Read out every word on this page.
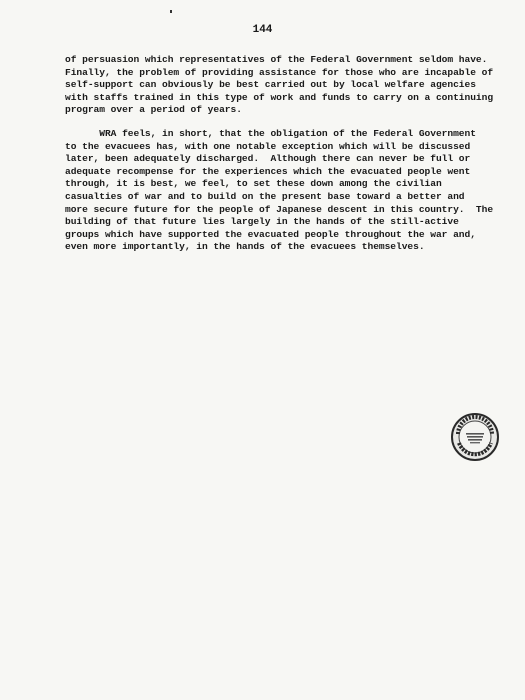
144
of persuasion which representatives of the Federal Government seldom have.
Finally, the problem of providing assistance for those who are incapable of
self-support can obviously be best carried out by local welfare agencies
with staffs trained in this type of work and funds to carry on a continuing
program over a period of years.
WRA feels, in short, that the obligation of the Federal Government
to the evacuees has, with one notable exception which will be discussed
later, been adequately discharged.  Although there can never be full or
adequate recompense for the experiences which the evacuated people went
through, it is best, we feel, to set these down among the civilian
casualties of war and to build on the present base toward a better and
more secure future for the people of Japanese descent in this country.  The
building of that future lies largely in the hands of the still-active
groups which have supported the evacuated people throughout the war and,
even more importantly, in the hands of the evacuees themselves.
